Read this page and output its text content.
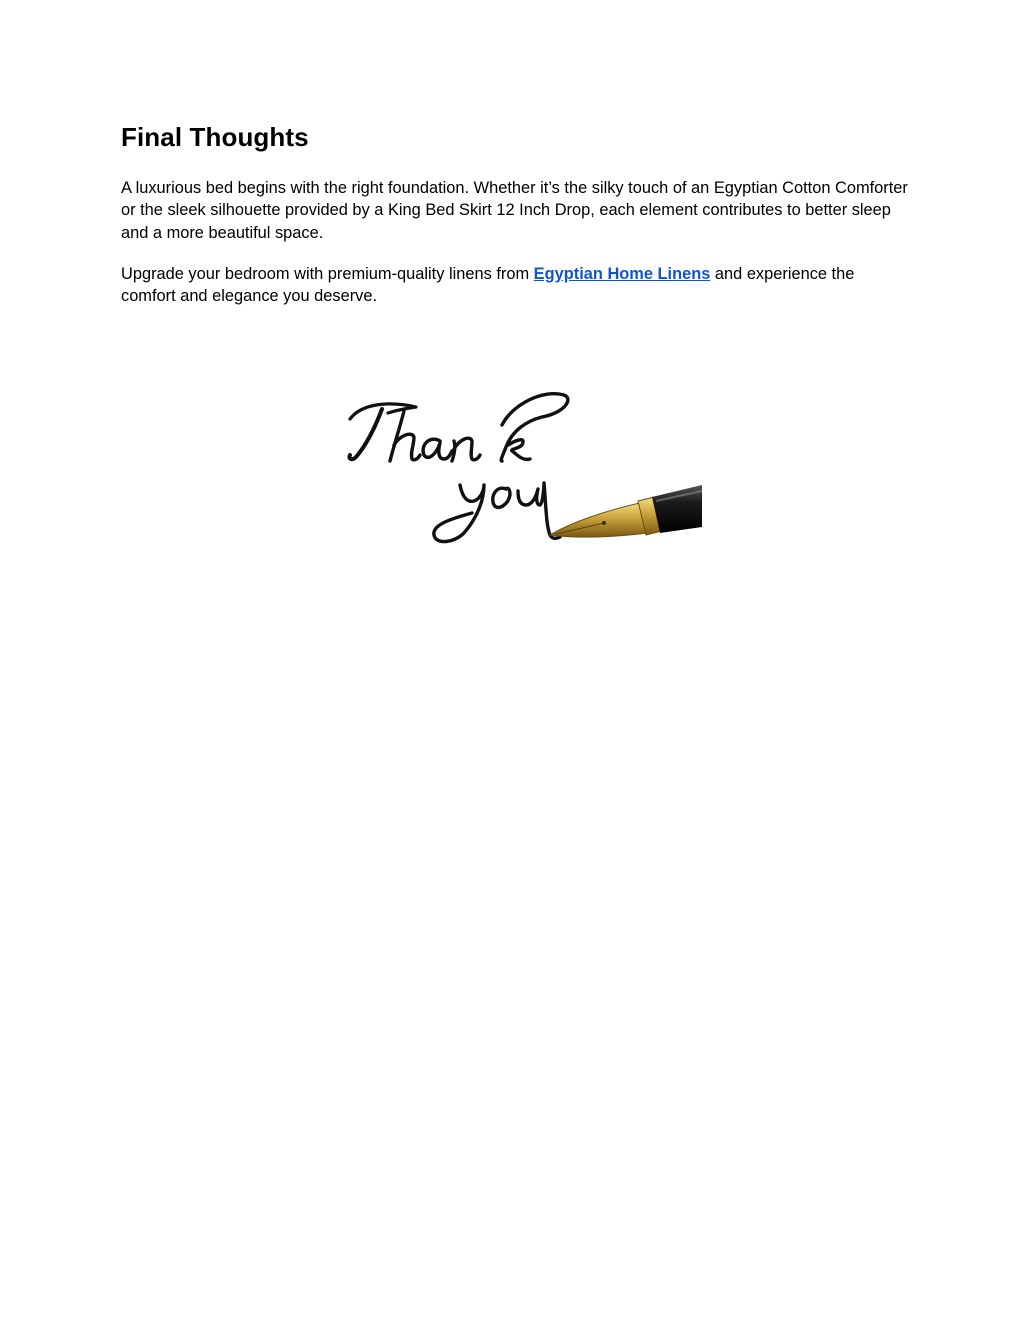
Final Thoughts

A luxurious bed begins with the right foundation. Whether it’s the silky touch of an Egyptian Cotton Comforter or the sleek silhouette provided by a King Bed Skirt 12 Inch Drop, each element contributes to better sleep and a more beautiful space.

Upgrade your bedroom with premium-quality linens from Egyptian Home Linens and experience the comfort and elegance you deserve.
